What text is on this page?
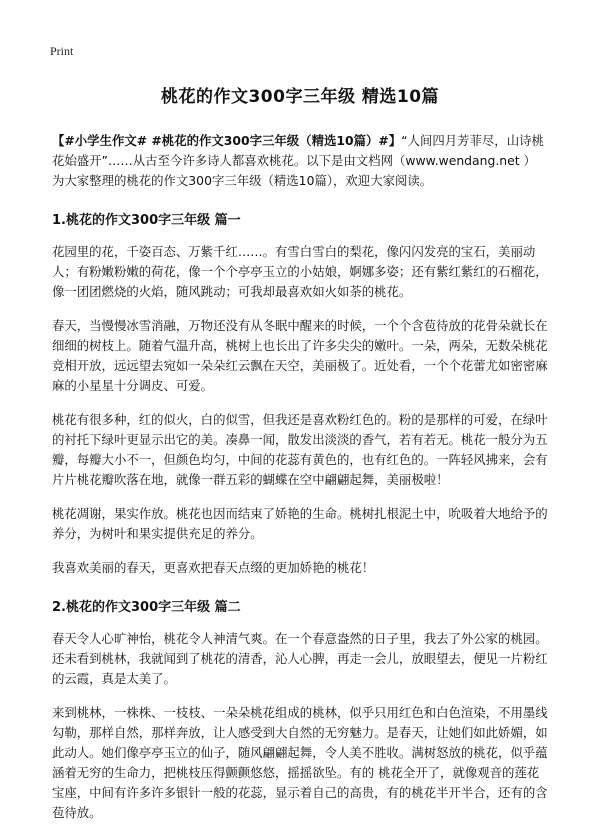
Print
桃花的作文300字三年级 精选10篇

【#小学生作文# #桃花的作文300字三年级（精选10篇）#】“人间四月芳菲尽，山诗桃花始盛开”……从古至今许多诗人都喜欢桃花。以下是由文档网（www.wendang.net ）为大家整理的桃花的作文300字三年级（精选10篇），欢迎大家阅读。

1.桃花的作文300字三年级 篇一

花园里的花，千姿百态、万紫千红……。有雪白雪白的梨花，像闪闪发亮的宝石，美丽动人；有粉嫩粉嫩的荷花，像一个个亭亭玉立的小姑娘，婀娜多姿；还有紫红紫红的石榴花，像一团团燃烧的火焰，随风跳动；可我却最喜欢如火如荼的桃花。

春天，当慢慢冰雪消融，万物还没有从冬眠中醒来的时候，一个个含苞待放的花骨朵就长在细细的树枝上。随着气温升高，桃树上也长出了许多尖尖的嫩叶。一朵，两朵，无数朵桃花竞相开放，远远望去宛如一朵朵红云飘在天空，美丽极了。近处看，一个个花蕾尤如密密麻麻的小星星十分调皮、可爱。

桃花有很多种，红的似火，白的似雪，但我还是喜欢粉红色的。粉的是那样的可爱，在绿叶的衬托下绿叶更显示出它的美。凑鼻一闻，散发出淡淡的香气，若有若无。桃花一般分为五瓣，每瓣大小不一，但颜色均匀，中间的花蕊有黄色的，也有红色的。一阵轻风拂来，会有片片桃花瓣吹落在地，就像一群五彩的蝴蝶在空中翩翩起舞，美丽极啦！

桃花凋谢，果实作放。桃花也因而结束了娇艳的生命。桃树扎根泥土中，吮吸着大地给予的养分，为树叶和果实提供充足的养分。

我喜欢美丽的春天，更喜欢把春天点缀的更加娇艳的桃花！

2.桃花的作文300字三年级 篇二

春天令人心旷神怡，桃花令人神清气爽。在一个春意盎然的日子里，我去了外公家的桃园。还未看到桃林，我就闻到了桃花的清香，沁人心脾，再走一会儿，放眼望去，便见一片粉红的云霞，真是太美了。

来到桃林，一株株、一枝枝、一朵朵桃花组成的桃林，似乎只用红色和白色渲染，不用墨线勾勒，那样自然，那样奔放，让人感受到大自然的无穷魅力。是春天，让她们如此娇媚，如此动人。她们像亭亭玉立的仙子，随风翩翩起舞，令人美不胜收。满树怒放的桃花，似乎蕴涵着无穷的生命力，把桃枝压得颤颤悠悠，摇摇欲坠。有的 桃花全开了，就像观音的莲花宝座，中间有许多许多银针一般的花蕊，显示着自己的高贵，有的桃花半开半合，还有的含苞待放。
